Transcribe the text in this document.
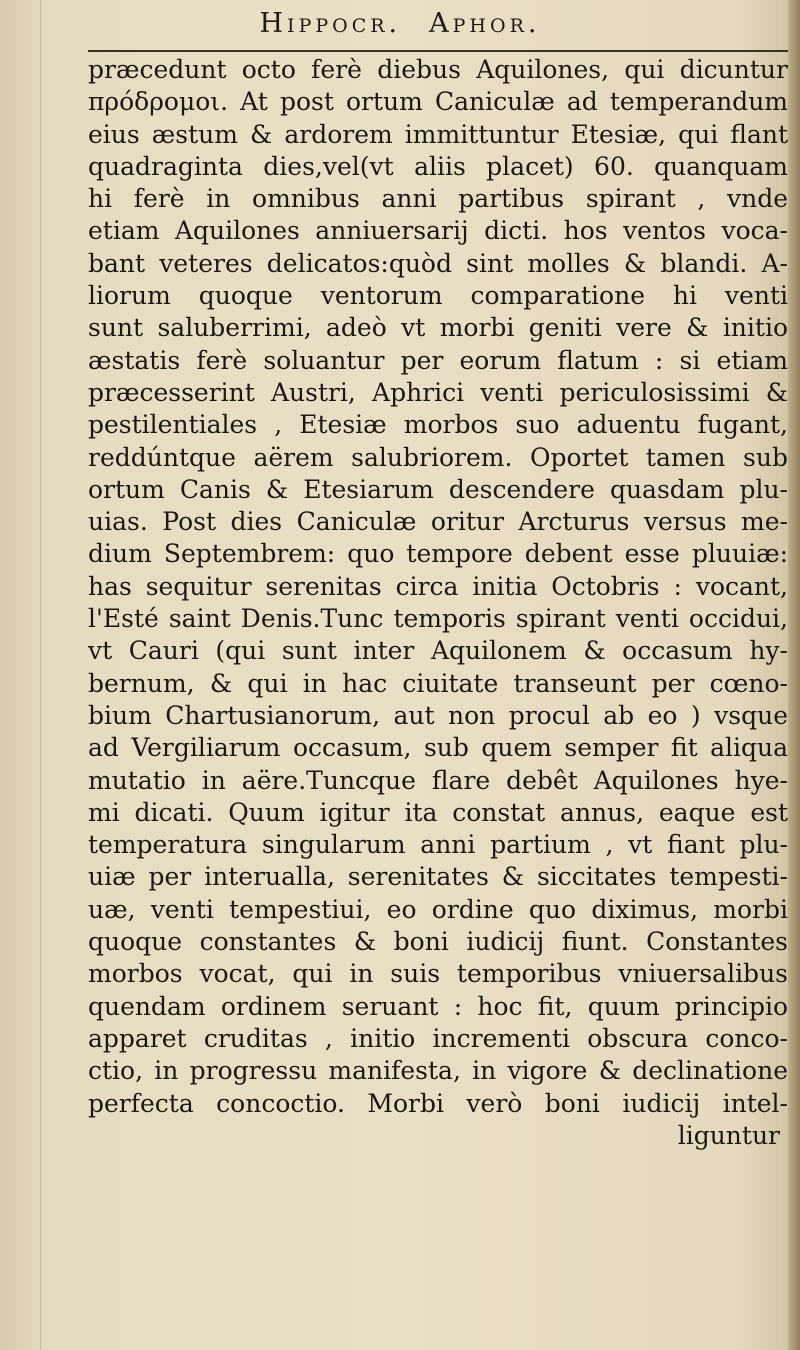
Hippocr. Aphor.
præcedunt octo ferè diebus Aquilones, qui dicuntur
πρόδρομοι. At post ortum Caniculæ ad temperandum
eius æstum & ardorem immittuntur Etesiæ, qui flant
quadraginta dies,vel(vt aliis placet) 60. quanquam
hi ferè in omnibus anni partibus spirant , vnde
etiam Aquilones anniuersarij dicti. hos ventos voca-
bant veteres delicatos:quòd sint molles & blandi. A-
liorum quoque ventorum comparatione hi venti
sunt saluberrimi, adeò vt morbi geniti vere & initio
æstatis ferè soluantur per eorum flatum : si etiam
præcesserint Austri, Aphrici venti periculosissimi &
pestilentiales , Etesiæ morbos suo aduentu fugant,
reddúntque aërem salubriorem. Oportet tamen sub
ortum Canis & Etesiarum descendere quasdam plu-
uias. Post dies Caniculæ oritur Arcturus versus me-
dium Septembrem: quo tempore debent esse pluuiæ:
has sequitur serenitas circa initia Octobris : vocant,
l'Esté saint Denis.Tunc temporis spirant venti occidui,
vt Cauri (qui sunt inter Aquilonem & occasum hy-
bernum, & qui in hac ciuitate transeunt per cœno-
bium Chartusianorum, aut non procul ab eo ) vsque
ad Vergiliarum occasum, sub quem semper fit aliqua
mutatio in aëre.Tuncque flare debêt Aquilones hye-
mi dicati. Quum igitur ita constat annus, eaque est
temperatura singularum anni partium , vt fiant plu-
uiæ per interualla, serenitates & siccitates tempesti-
uæ, venti tempestiui, eo ordine quo diximus, morbi
quoque constantes & boni iudicij fiunt. Constantes
morbos vocat, qui in suis temporibus vniuersalibus
quendam ordinem seruant : hoc fit, quum principio
apparet cruditas , initio incrementi obscura conco-
ctio, in progressu manifesta, in vigore & declinatione
perfecta concoctio. Morbi verò boni iudicij intel-
liguntur
